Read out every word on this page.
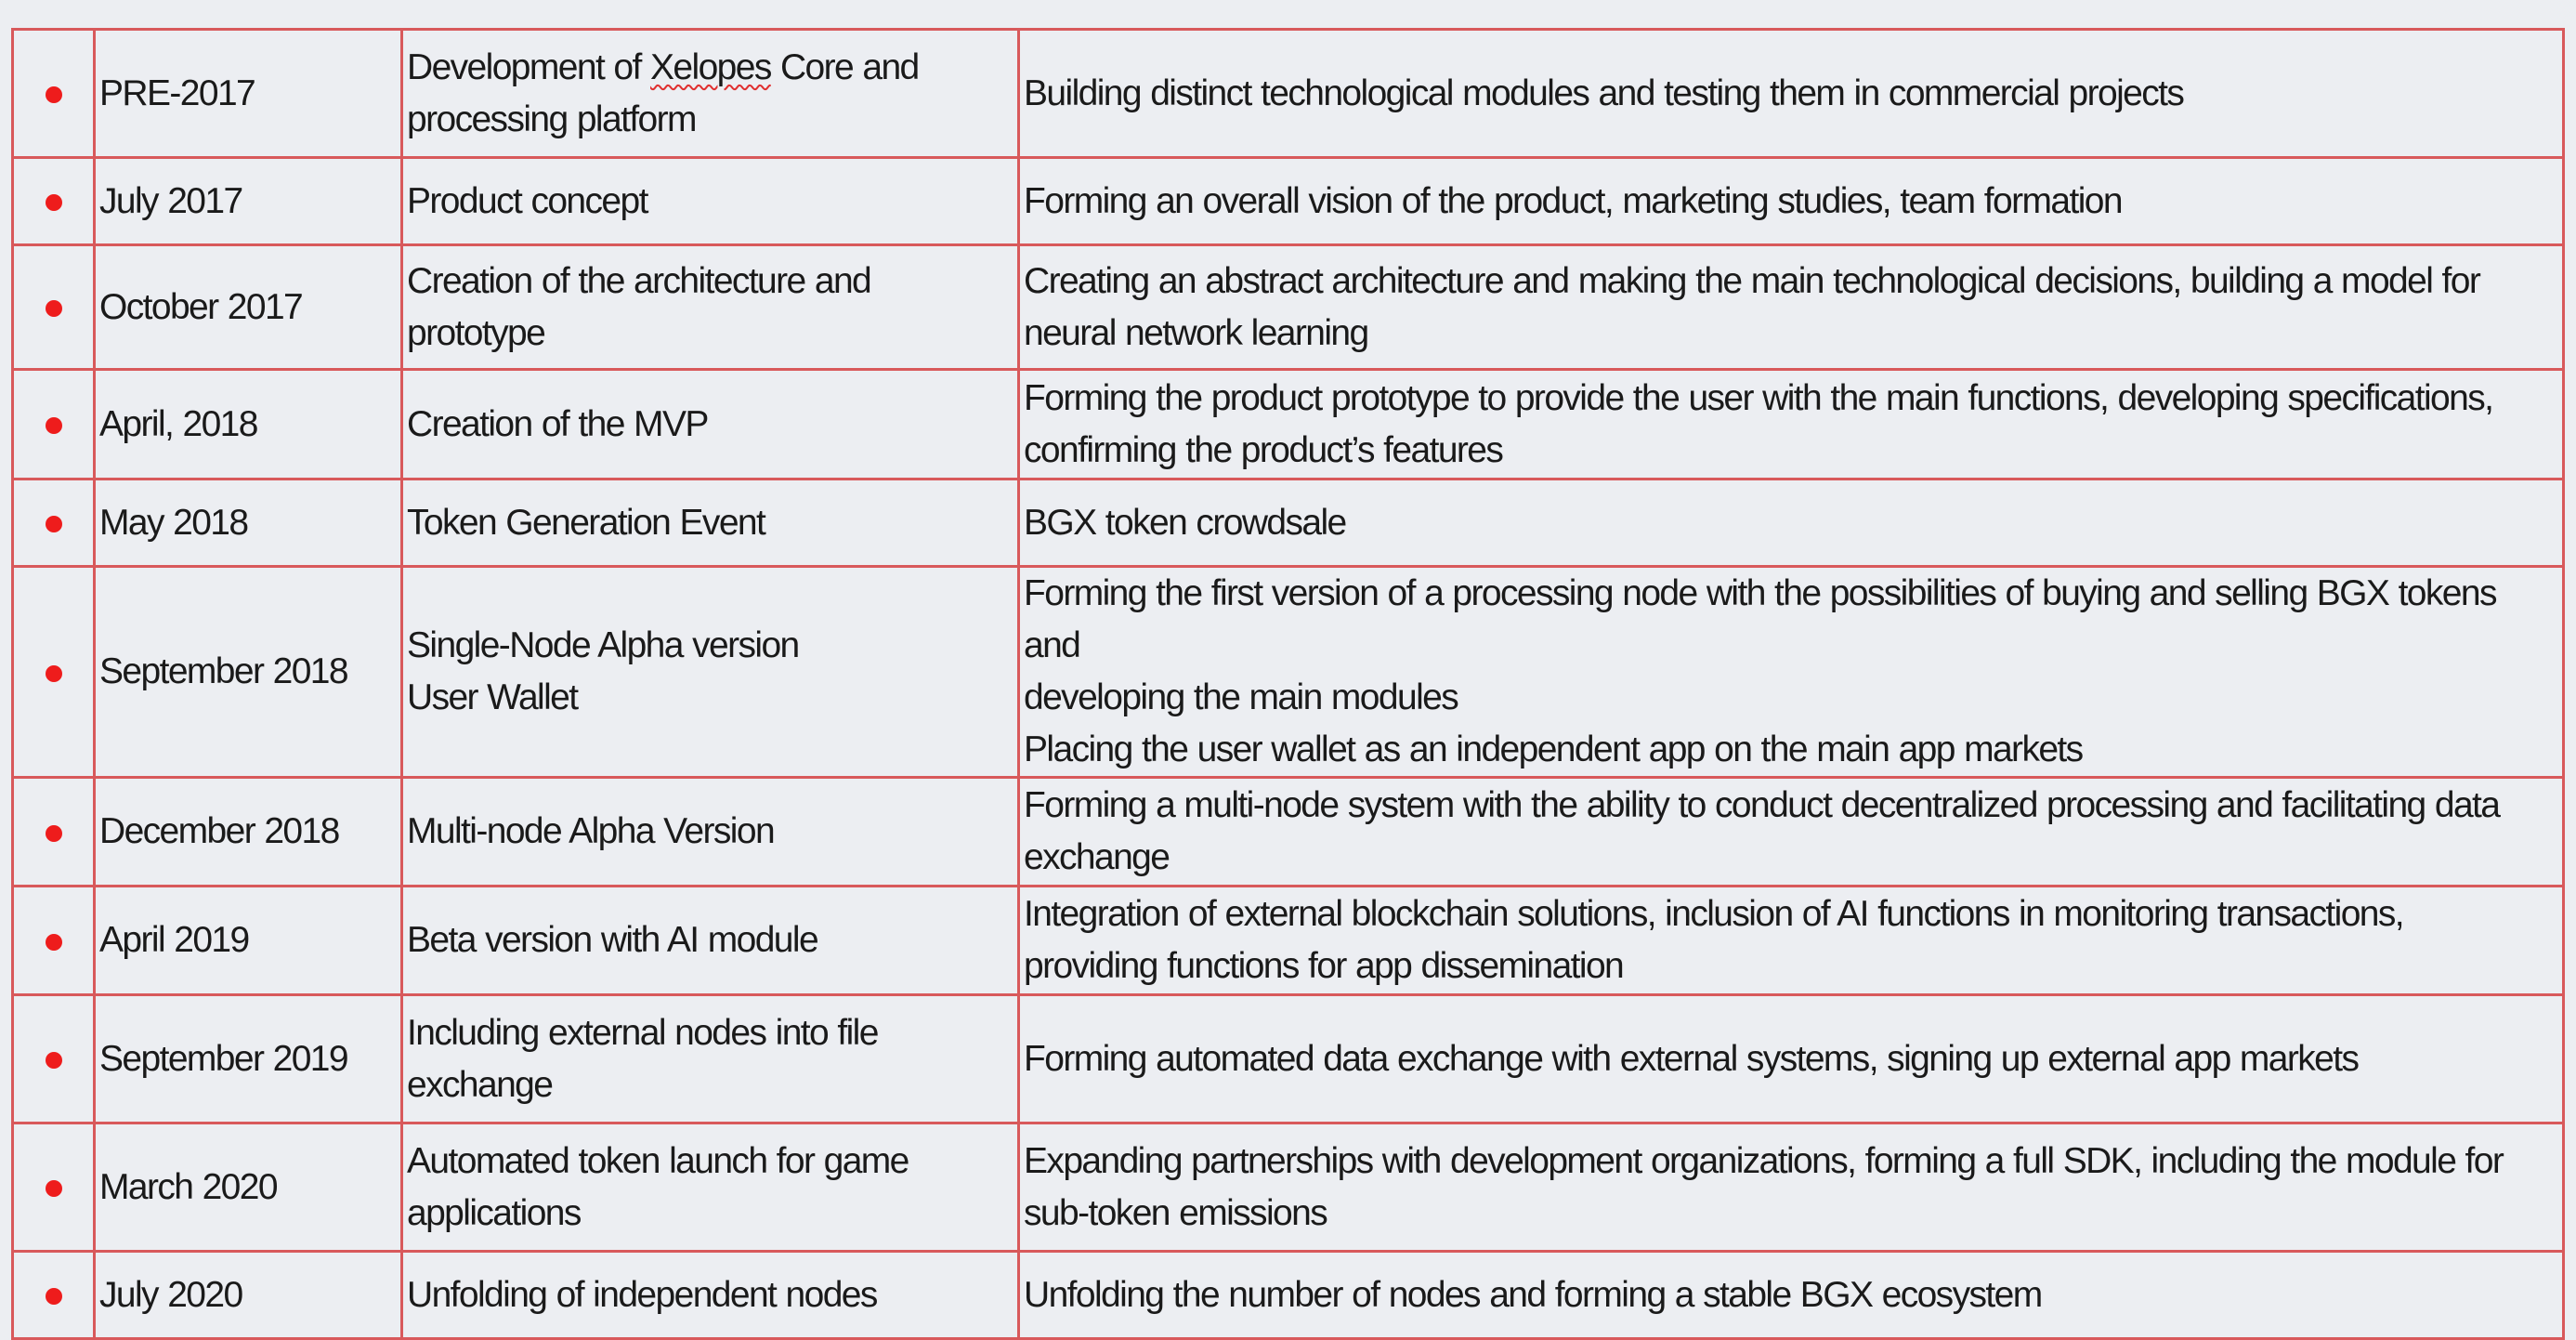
	PRE-2017	Development of Xelopes Core and
processing platform	Building distinct technological modules and testing them in commercial projects

	July 2017	Product concept	Forming an overall vision of the product, marketing studies, team formation

	October 2017	Creation of the architecture and prototype	Creating an abstract architecture and making the main technological decisions, building a model for
neural network learning

	April, 2018	Creation of the MVP	Forming the product prototype to provide the user with the main functions, developing specifications,
confirming the product’s features

	May 2018	Token Generation Event	BGX token crowdsale

	September 2018	Single-Node Alpha version
User Wallet	Forming the first version of a processing node with the possibilities of buying and selling BGX tokens and
developing the main modules
Placing the user wallet as an independent app on the main app markets

	December 2018	Multi-node Alpha Version	Forming a multi-node system with the ability to conduct decentralized processing and facilitating data
exchange

	April 2019	Beta version with AI module	Integration of external blockchain solutions, inclusion of AI functions in monitoring transactions,
providing functions for app dissemination

	September 2019	Including external nodes into file
exchange	Forming automated data exchange with external systems, signing up external app markets

	March 2020	Automated token launch for game
applications	Expanding partnerships with development organizations, forming a full SDK, including the module for
sub-token emissions

	July 2020	Unfolding of independent nodes	Unfolding the number of nodes and forming a stable BGX ecosystem
